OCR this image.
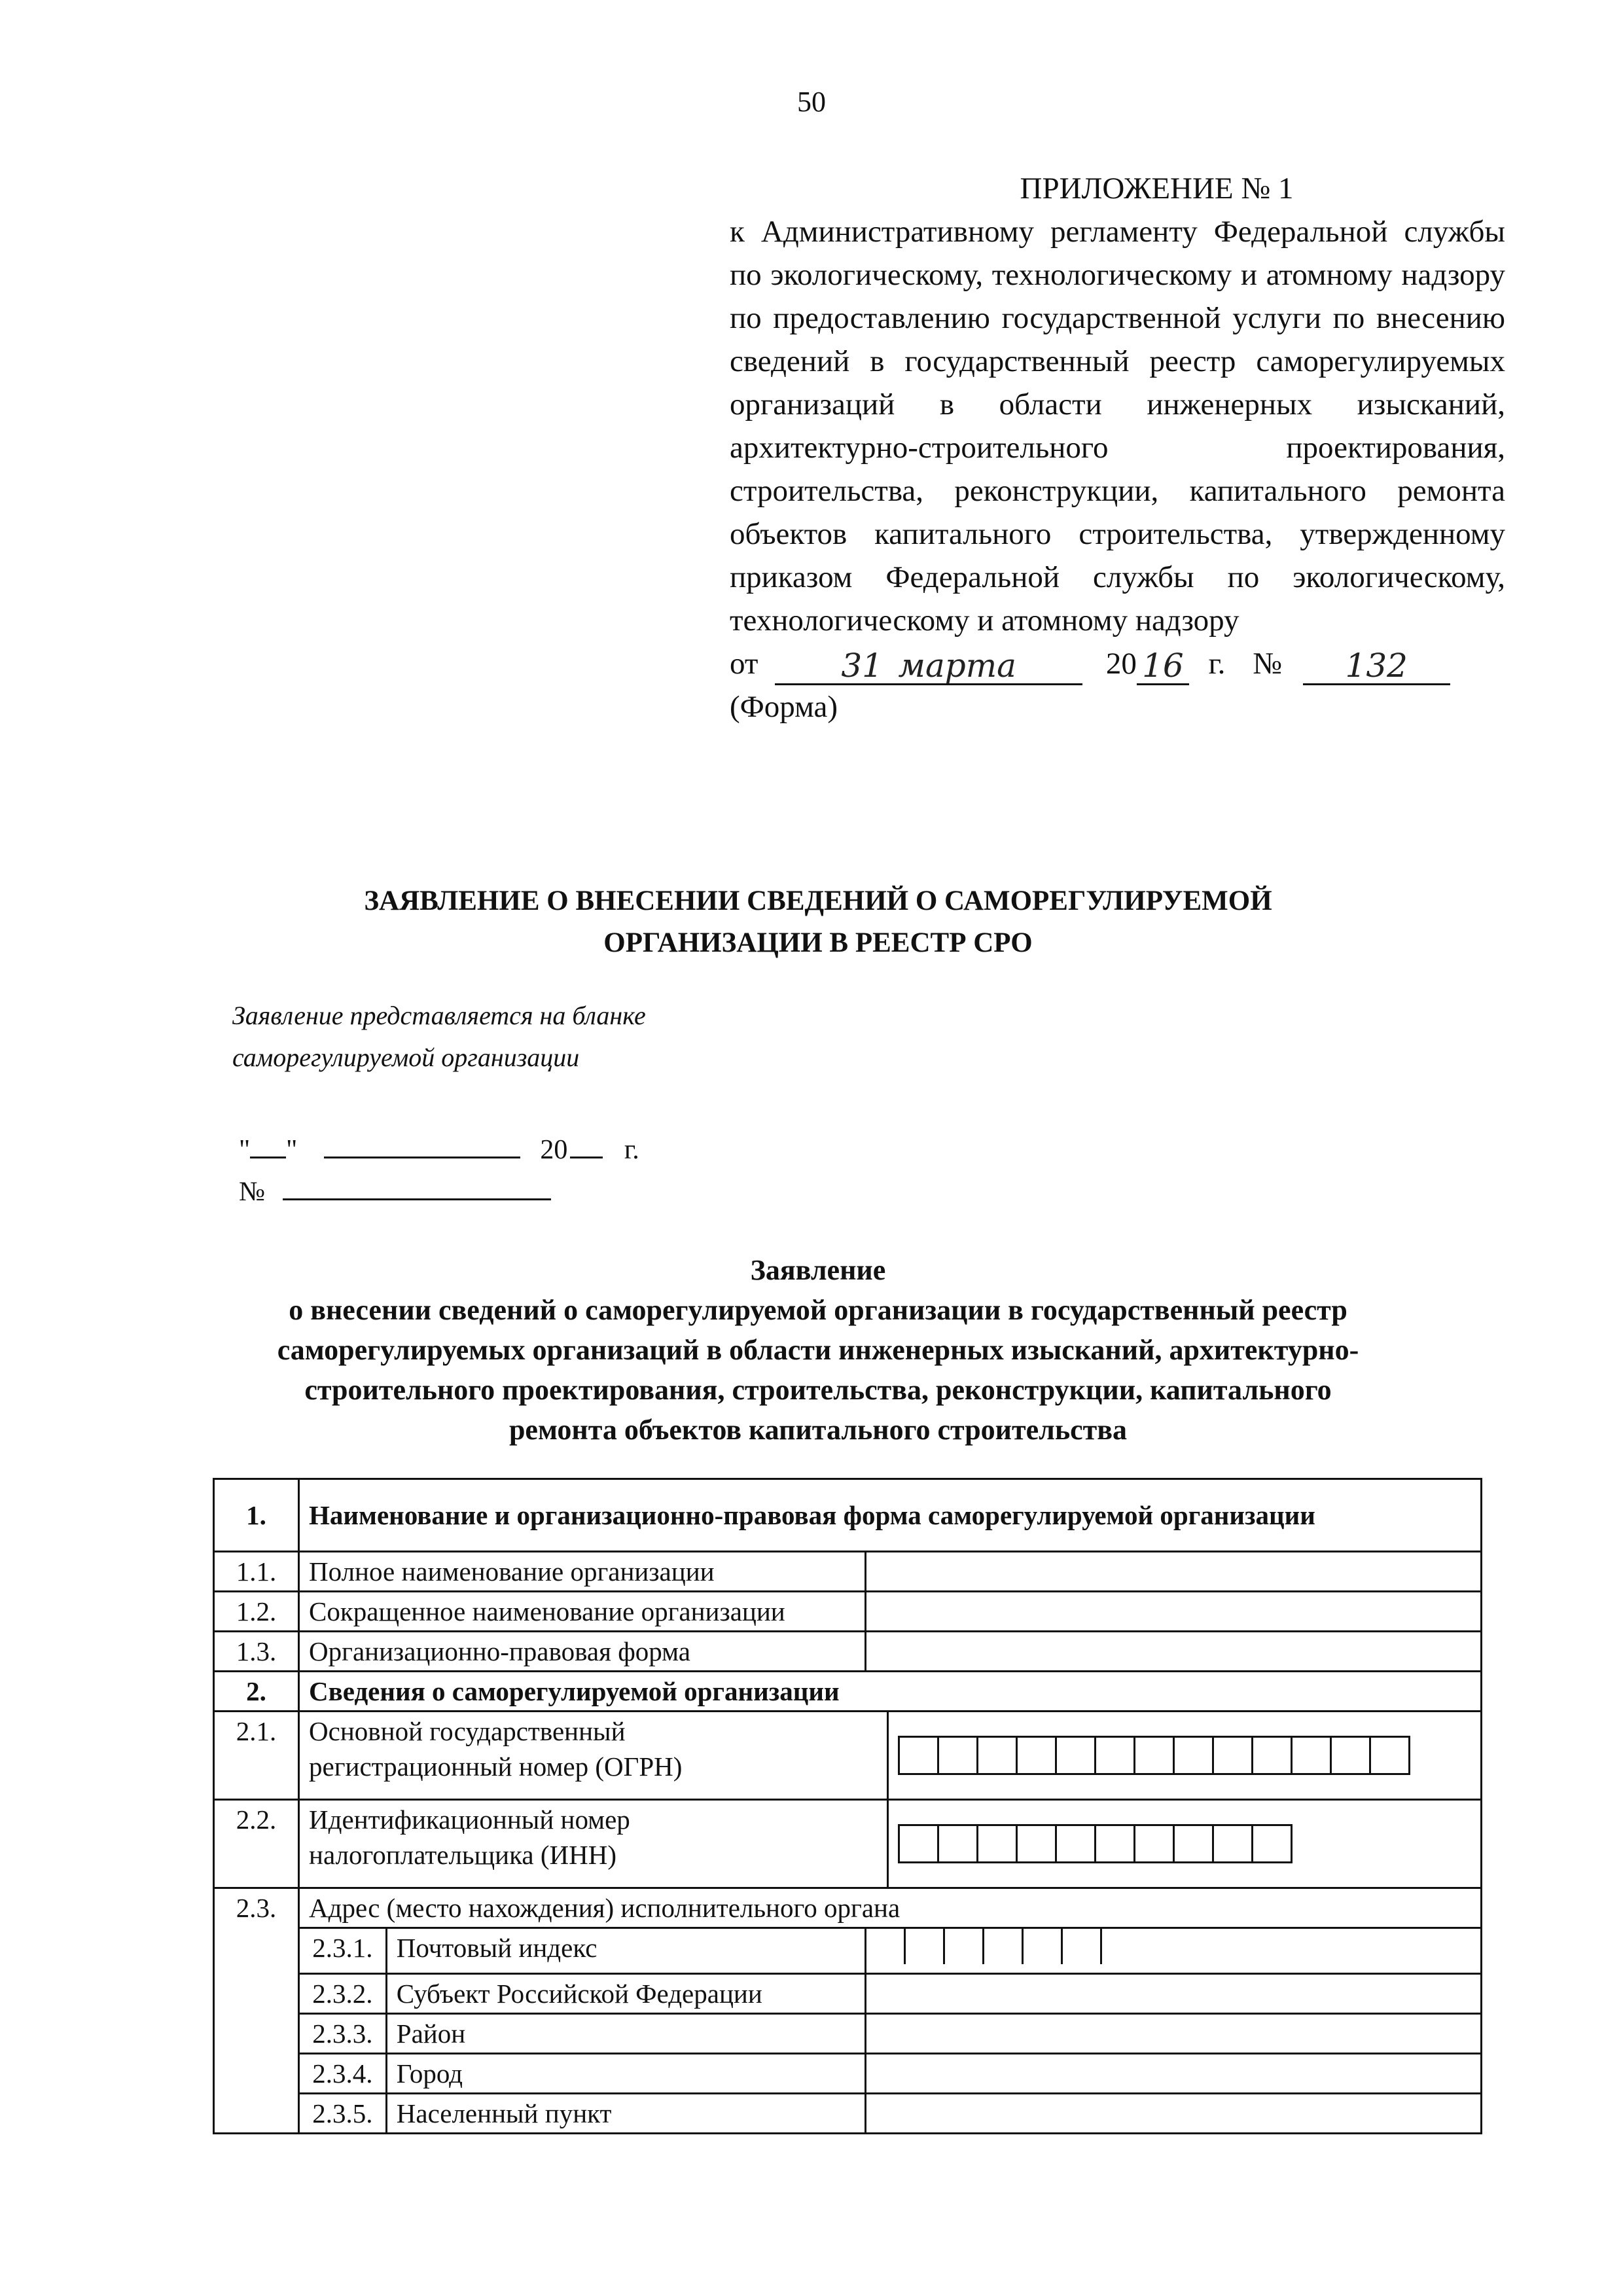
50
ПРИЛОЖЕНИЕ № 1
к Административному регламенту Федеральной службы по экологическому, технологическому и атомному надзору по предоставлению государственной услуги по внесению сведений в государственный реестр саморегулируемых организаций в области инженерных изысканий, архитектурно-строительного проектирования, строительства, реконструкции, капитального ремонта объектов капитального строительства, утвержденному приказом Федеральной службы по экологическому, технологическому и атомному надзору
от	31 марта	20 16 г. № 132
(Форма)
ЗАЯВЛЕНИЕ О ВНЕСЕНИИ СВЕДЕНИЙ О САМОРЕГУЛИРУЕМОЙ
ОРГАНИЗАЦИИ В РЕЕСТР СРО
Заявление представляется на бланке
саморегулируемой организации
" "	20 г.
№
Заявление
о внесении сведений о саморегулируемой организации в государственный реестр
саморегулируемых организаций в области инженерных изысканий, архитектурно-
строительного проектирования, строительства, реконструкции, капитального
ремонта объектов капитального строительства
1.	Наименование и организационно-правовая форма саморегулируемой организации			
1.1.	Полное наименование организации			
1.2.	Сокращенное наименование организации			
1.3.	Организационно-правовая форма			
2.	Сведения о саморегулируемой организации			
2.1.	Основной государственный
регистрационный номер (ОГРН)			

2.2.	Идентификационный номер
налогоплательщика (ИНН)			

2.3.	Адрес (место нахождения) исполнительного органа			
	2.3.1.	Почтовый индекс		

	2.3.2.	Субъект Российской Федерации		
	2.3.3.	Район		
	2.3.4.	Город		
	2.3.5.	Населенный пункт		
